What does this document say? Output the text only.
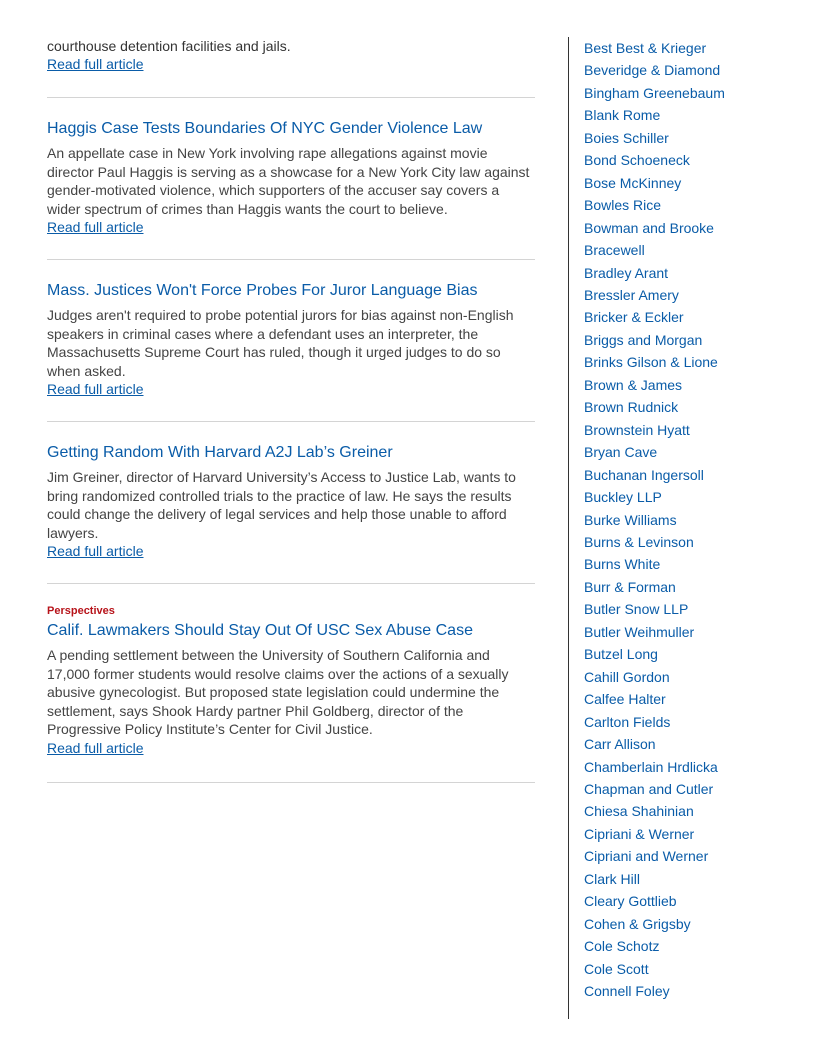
courthouse detention facilities and jails.

Read full article
Haggis Case Tests Boundaries Of NYC Gender Violence Law

An appellate case in New York involving rape allegations against movie director Paul Haggis is serving as a showcase for a New York City law against gender-motivated violence, which supporters of the accuser say covers a wider spectrum of crimes than Haggis wants the court to believe.

Read full article
Mass. Justices Won't Force Probes For Juror Language Bias

Judges aren't required to probe potential jurors for bias against non-English speakers in criminal cases where a defendant uses an interpreter, the Massachusetts Supreme Court has ruled, though it urged judges to do so when asked.

Read full article
Getting Random With Harvard A2J Lab’s Greiner

Jim Greiner, director of Harvard University’s Access to Justice Lab, wants to bring randomized controlled trials to the practice of law. He says the results could change the delivery of legal services and help those unable to afford lawyers.

Read full article

Perspectives

Calif. Lawmakers Should Stay Out Of USC Sex Abuse Case

A pending settlement between the University of Southern California and 17,000 former students would resolve claims over the actions of a sexually abusive gynecologist. But proposed state legislation could undermine the settlement, says Shook Hardy partner Phil Goldberg, director of the Progressive Policy Institute’s Center for Civil Justice.

Read full article
Best Best & Krieger
Beveridge & Diamond
Bingham Greenebaum
Blank Rome
Boies Schiller
Bond Schoeneck
Bose McKinney
Bowles Rice
Bowman and Brooke
Bracewell
Bradley Arant
Bressler Amery
Bricker & Eckler
Briggs and Morgan
Brinks Gilson & Lione
Brown & James
Brown Rudnick
Brownstein Hyatt
Bryan Cave
Buchanan Ingersoll
Buckley LLP
Burke Williams
Burns & Levinson
Burns White
Burr & Forman
Butler Snow LLP
Butler Weihmuller
Butzel Long
Cahill Gordon
Calfee Halter
Carlton Fields
Carr Allison
Chamberlain Hrdlicka
Chapman and Cutler
Chiesa Shahinian
Cipriani & Werner
Cipriani and Werner
Clark Hill
Cleary Gottlieb
Cohen & Grigsby
Cole Schotz
Cole Scott
Connell Foley
